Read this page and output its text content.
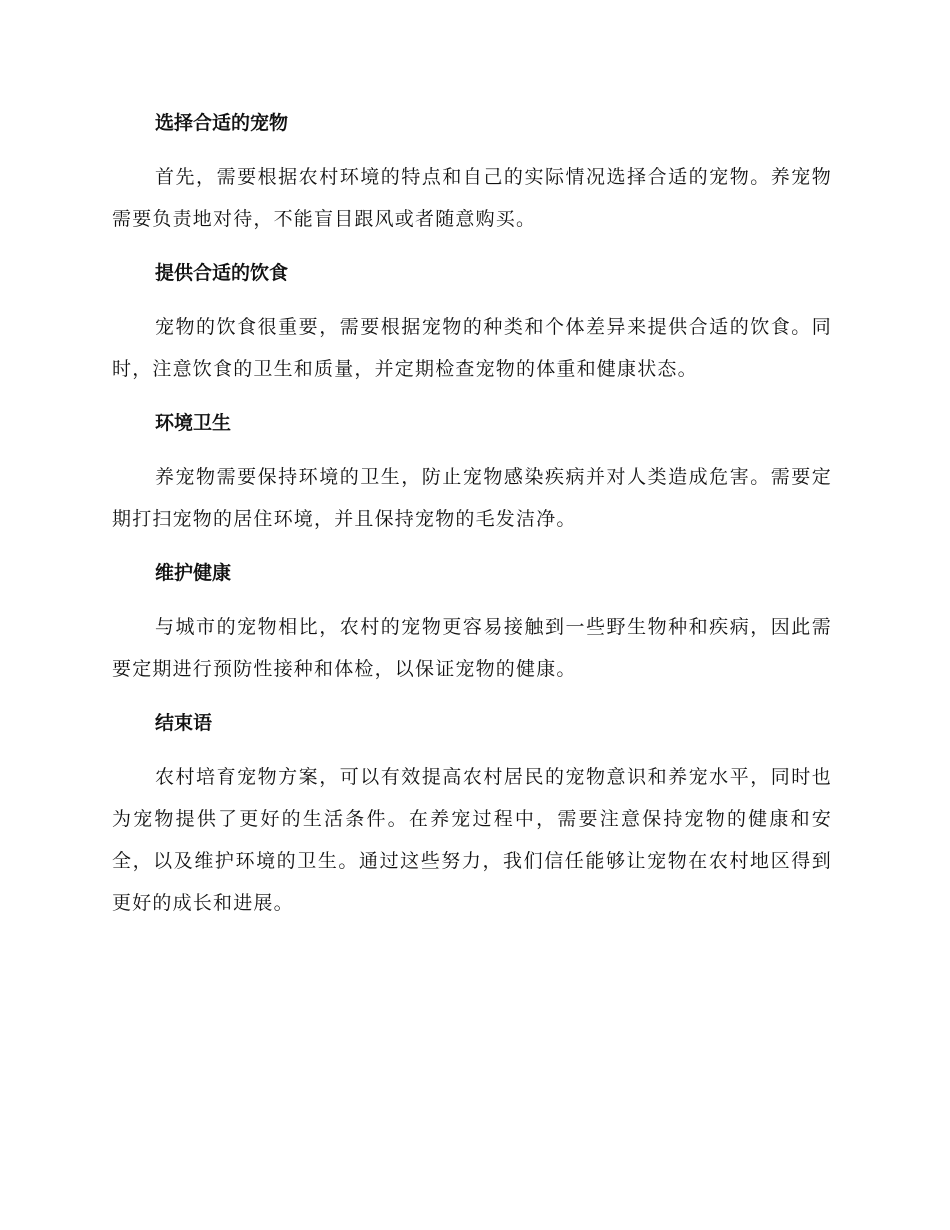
选择合适的宠物

首先，需要根据农村环境的特点和自己的实际情况选择合适的宠物。养宠物需要负责地对待，不能盲目跟风或者随意购买。

提供合适的饮食

宠物的饮食很重要，需要根据宠物的种类和个体差异来提供合适的饮食。同时，注意饮食的卫生和质量，并定期检查宠物的体重和健康状态。

环境卫生

养宠物需要保持环境的卫生，防止宠物感染疾病并对人类造成危害。需要定期打扫宠物的居住环境，并且保持宠物的毛发洁净。

维护健康

与城市的宠物相比，农村的宠物更容易接触到一些野生物种和疾病，因此需要定期进行预防性接种和体检，以保证宠物的健康。

结束语

农村培育宠物方案，可以有效提高农村居民的宠物意识和养宠水平，同时也为宠物提供了更好的生活条件。在养宠过程中，需要注意保持宠物的健康和安全，以及维护环境的卫生。通过这些努力，我们信任能够让宠物在农村地区得到更好的成长和进展。
